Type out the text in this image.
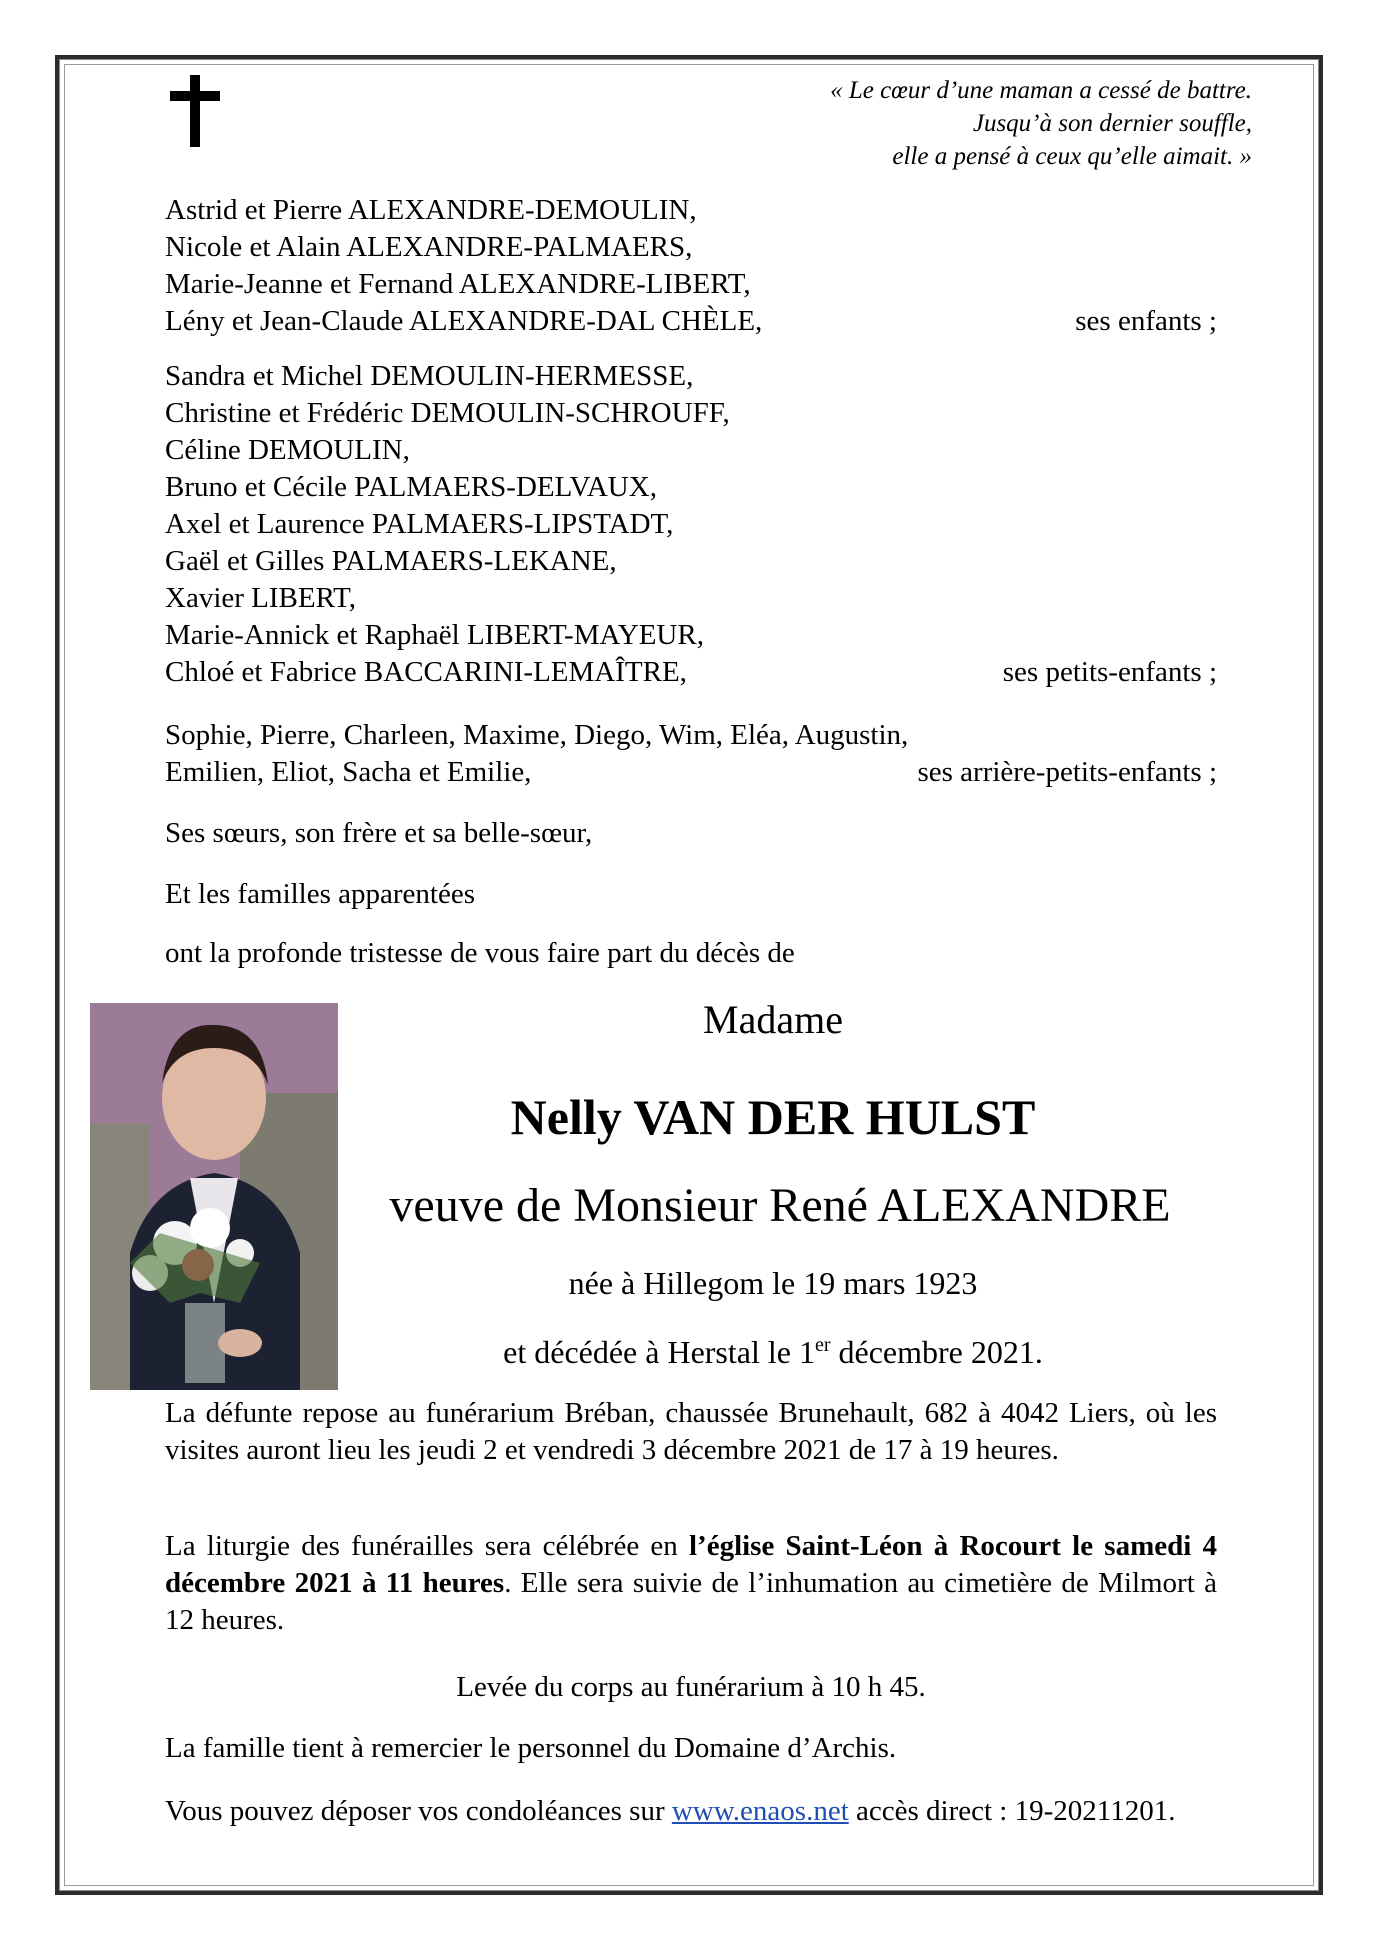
« Le cœur d’une maman a cessé de battre.
Jusqu’à son dernier souffle,
elle a pensé à ceux qu’elle aimait. »
Astrid et Pierre ALEXANDRE-DEMOULIN,
Nicole et Alain ALEXANDRE-PALMAERS,
Marie-Jeanne et Fernand ALEXANDRE-LIBERT,
Lény et Jean-Claude ALEXANDRE-DAL CHÈLE,	ses enfants ;
Sandra et Michel DEMOULIN-HERMESSE,
Christine et Frédéric DEMOULIN-SCHROUFF,
Céline DEMOULIN,
Bruno et Cécile PALMAERS-DELVAUX,
Axel et Laurence PALMAERS-LIPSTADT,
Gaël et Gilles PALMAERS-LEKANE,
Xavier LIBERT,
Marie-Annick et Raphaël LIBERT-MAYEUR,
Chloé et Fabrice BACCARINI-LEMAÎTRE,	ses petits-enfants ;
Sophie, Pierre, Charleen, Maxime, Diego, Wim, Eléa, Augustin,
Emilien, Eliot, Sacha et Emilie,	ses arrière-petits-enfants ;
Ses sœurs, son frère et sa belle-sœur,
Et les familles apparentées
ont la profonde tristesse de vous faire part du décès de
Madame
Nelly VAN DER HULST
veuve de Monsieur René ALEXANDRE
née à Hillegom le 19 mars 1923
et décédée à Herstal le 1er décembre 2021.
La défunte repose au funérarium Bréban, chaussée Brunehault, 682 à 4042 Liers, où les visites auront lieu les jeudi 2 et vendredi 3 décembre 2021 de 17 à 19 heures.
La liturgie des funérailles sera célébrée en l’église Saint-Léon à Rocourt le samedi 4 décembre 2021 à 11 heures. Elle sera suivie de l’inhumation au cimetière de Milmort à 12 heures.
Levée du corps au funérarium à 10 h 45.
La famille tient à remercier le personnel du Domaine d’Archis.
Vous pouvez déposer vos condoléances sur www.enaos.net accès direct : 19-20211201.
